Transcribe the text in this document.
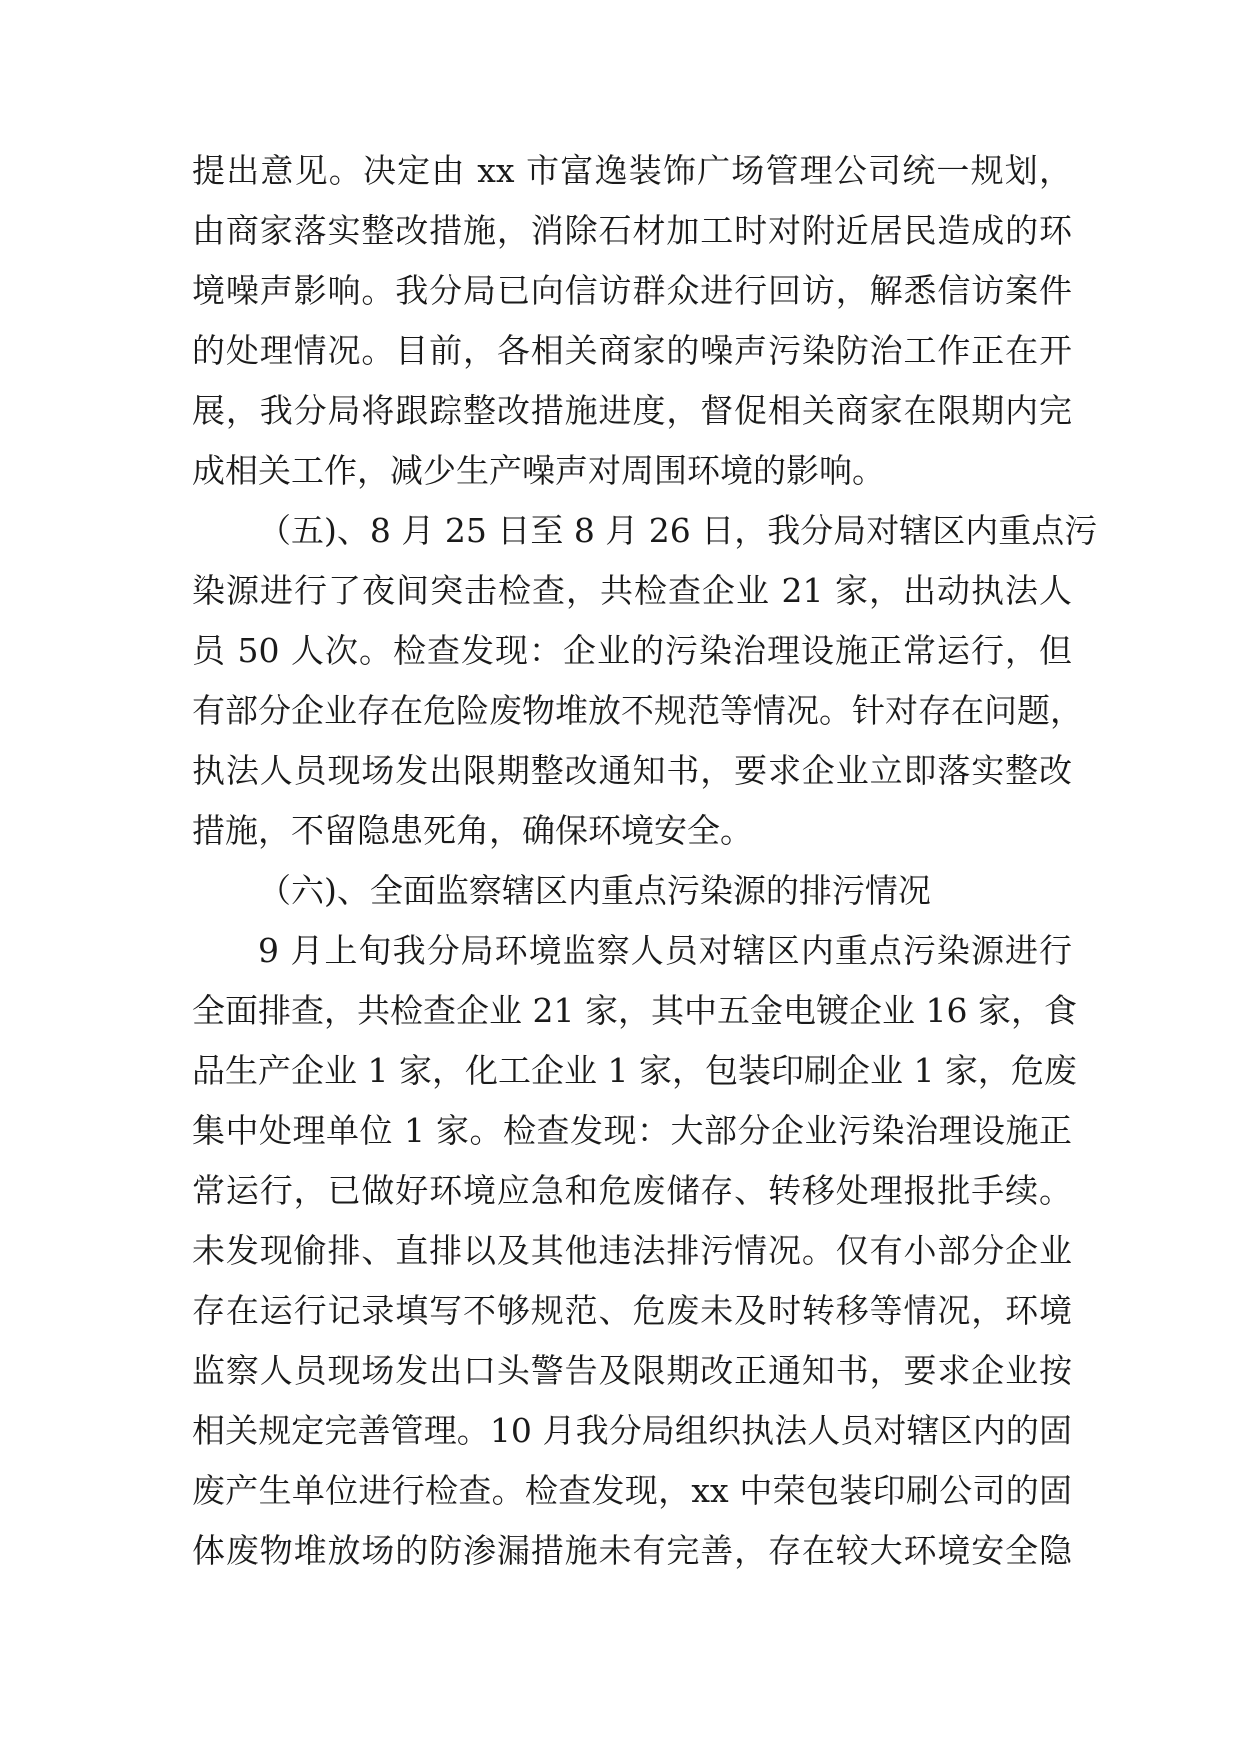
提出意见。决定由 xx 市富逸装饰广场管理公司统一规划，
由商家落实整改措施，消除石材加工时对附近居民造成的环
境噪声影响。我分局已向信访群众进行回访，解悉信访案件
的处理情况。目前，各相关商家的噪声污染防治工作正在开
展，我分局将跟踪整改措施进度，督促相关商家在限期内完
成相关工作，减少生产噪声对周围环境的影响。
（五)、8 月 25 日至 8 月 26 日，我分局对辖区内重点污
染源进行了夜间突击检查，共检查企业 21 家，出动执法人
员 50 人次。检查发现：企业的污染治理设施正常运行，但
有部分企业存在危险废物堆放不规范等情况。针对存在问题，
执法人员现场发出限期整改通知书，要求企业立即落实整改
措施，不留隐患死角，确保环境安全。
（六)、全面监察辖区内重点污染源的排污情况
9 月上旬我分局环境监察人员对辖区内重点污染源进行
全面排查，共检查企业 21 家，其中五金电镀企业 16 家，食
品生产企业 1 家，化工企业 1 家，包装印刷企业 1 家，危废
集中处理单位 1 家。检查发现：大部分企业污染治理设施正
常运行，已做好环境应急和危废储存、转移处理报批手续。
未发现偷排、直排以及其他违法排污情况。仅有小部分企业
存在运行记录填写不够规范、危废未及时转移等情况，环境
监察人员现场发出口头警告及限期改正通知书，要求企业按
相关规定完善管理。10 月我分局组织执法人员对辖区内的固
废产生单位进行检查。检查发现，xx 中荣包装印刷公司的固
体废物堆放场的防渗漏措施未有完善，存在较大环境安全隐
